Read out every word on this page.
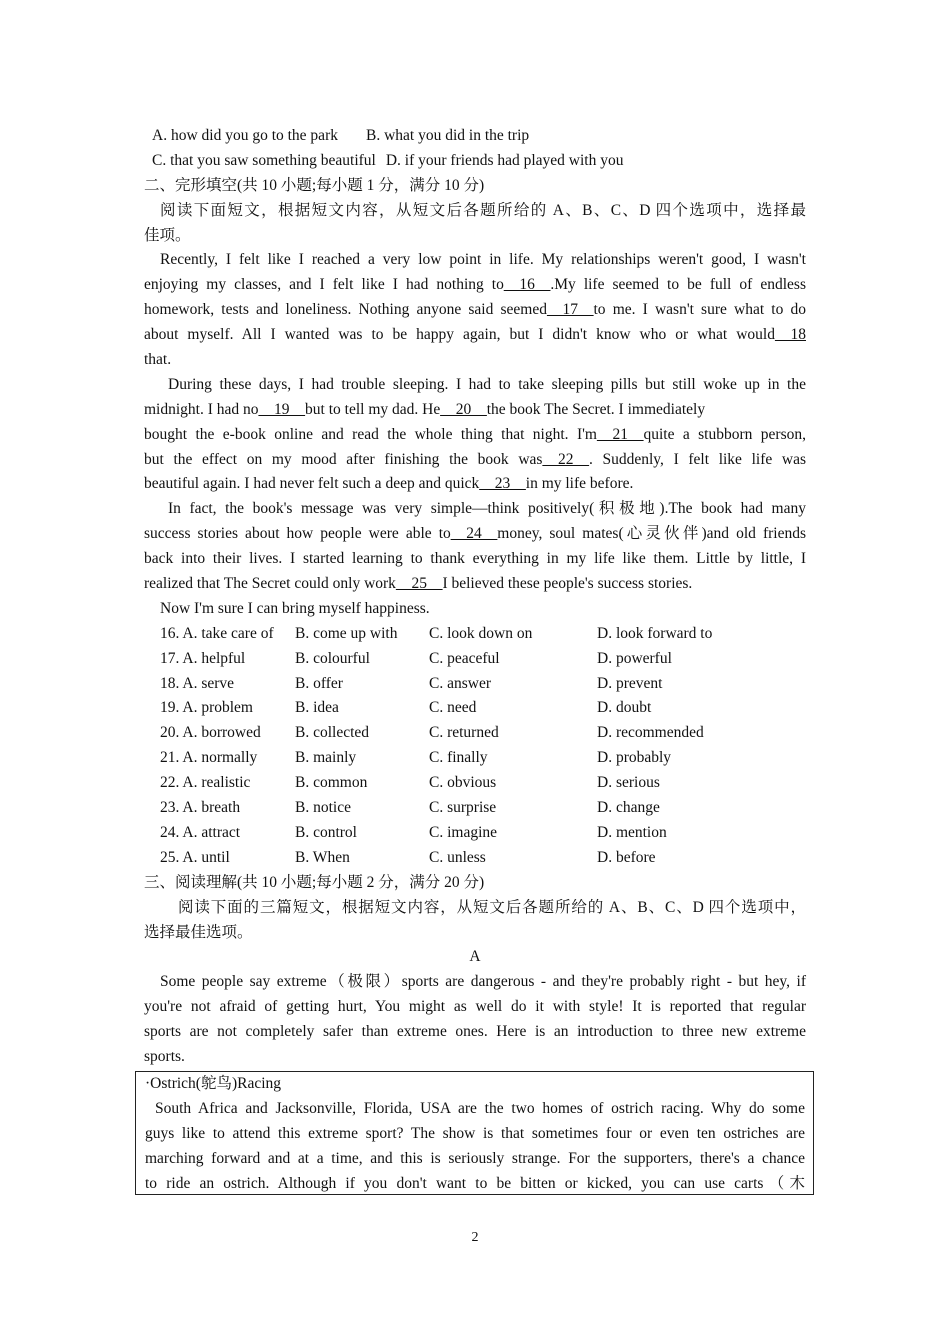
A. how did you go to the park B. what you did in the trip
C. that you saw something beautiful D. if your friends had played with you
二、完形填空(共 10 小题;每小题 1 分，满分 10 分)
阅读下面短文，根据短文内容，从短文后各题所给的 A、B、C、D 四个选项中，选择最
佳项。
Recently, I felt like I reached a very low point in life. My relationships weren't good, I wasn't
enjoying my classes, and I felt like I had nothing to__16__.My life seemed to be full of endless
homework, tests and loneliness. Nothing anyone said seemed__17__to me. I wasn't sure what to do
about myself. All I wanted was to be happy again, but I didn't know who or what would__18
that.
During these days, I had trouble sleeping. I had to take sleeping pills but still woke up in the
midnight. I had no__19__but to tell my dad. He__20__the book The Secret. I immediately
bought the e-book online and read the whole thing that night. I'm__21__quite a stubborn person,
but the effect on my mood after finishing the book was__22__. Suddenly, I felt like life was
beautiful again. I had never felt such a deep and quick__23__in my life before.
In fact, the book's message was very simple—think positively(积极地).The book had many
success stories about how people were able to__24__money, soul mates(心灵伙伴)and old friends
back into their lives. I started learning to thank everything in my life like them. Little by little, I
realized that The Secret could only work__25__I believed these people's success stories.
Now I'm sure I can bring myself happiness.
16. A. take care of	B. come up with	C. look down on	D. look forward to
17. A. helpful	B. colourful	C. peaceful	D. powerful
18. A. serve	B. offer	C. answer	D. prevent
19. A. problem	B. idea	C. need	D. doubt
20. A. borrowed	B. collected	C. returned	D. recommended
21. A. normally	B. mainly	C. finally	D. probably
22. A. realistic	B. common	C. obvious	D. serious
23. A. breath	B. notice	C. surprise	D. change
24. A. attract	B. control	C. imagine	D. mention
25. A. until	B. When	C. unless	D. before
三、阅读理解(共 10 小题;每小题 2 分，满分 20 分)
阅读下面的三篇短文，根据短文内容，从短文后各题所给的 A、B、C、D 四个选项中，
选择最佳选项。
A
Some people say extreme（极限）sports are dangerous - and they're probably right - but hey, if
you're not afraid of getting hurt, You might as well do it with style! It is reported that regular
sports are not completely safer than extreme ones. Here is an introduction to three new extreme
sports.
·Ostrich(鸵鸟)Racing
South Africa and Jacksonville, Florida, USA are the two homes of ostrich racing. Why do some
guys like to attend this extreme sport? The show is that sometimes four or even ten ostriches are
marching forward and at a time, and this is seriously strange. For the supporters, there's a chance
to ride an ostrich. Although if you don't want to be bitten or kicked, you can use carts（木
2
